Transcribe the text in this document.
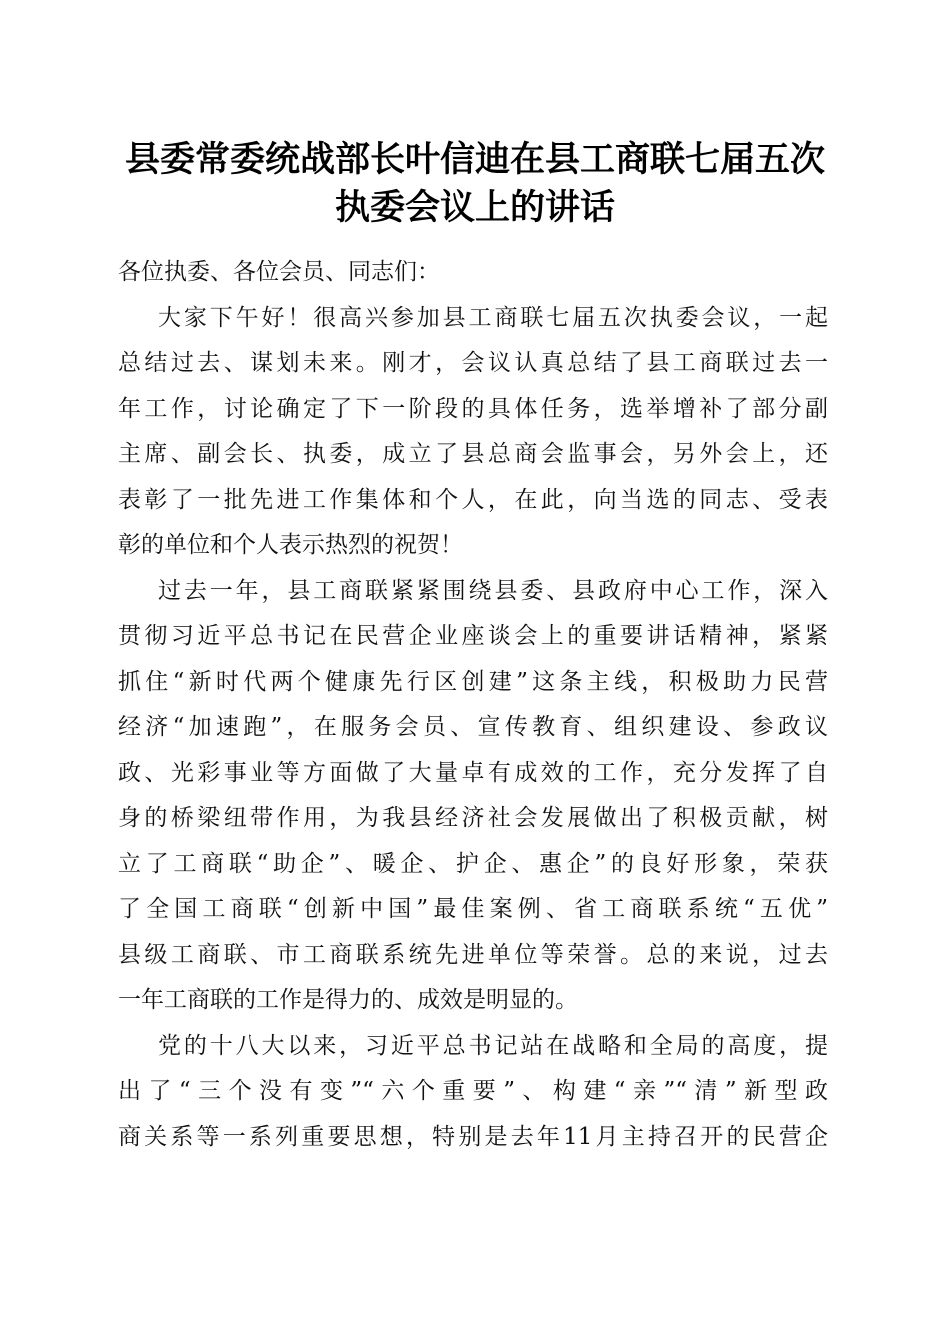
县委常委统战部长叶信迪在县工商联七届五次
执委会议上的讲话

各位执委、各位会员、同志们：

大家下午好！很高兴参加县工商联七届五次执委会议，一起
总结过去、谋划未来。刚才，会议认真总结了县工商联过去一
年工作，讨论确定了下一阶段的具体任务，选举增补了部分副
主席、副会长、执委，成立了县总商会监事会，另外会上，还
表彰了一批先进工作集体和个人，在此，向当选的同志、受表
彰的单位和个人表示热烈的祝贺！

过去一年，县工商联紧紧围绕县委、县政府中心工作，深入
贯彻习近平总书记在民营企业座谈会上的重要讲话精神，紧紧
抓住“新时代两个健康先行区创建”这条主线，积极助力民营
经济“加速跑”，在服务会员、宣传教育、组织建设、参政议
政、光彩事业等方面做了大量卓有成效的工作，充分发挥了自
身的桥梁纽带作用，为我县经济社会发展做出了积极贡献，树
立了工商联“助企”、暖企、护企、惠企”的良好形象，荣获
了全国工商联“创新中国”最佳案例、省工商联系统“五优”
县级工商联、市工商联系统先进单位等荣誉。总的来说，过去
一年工商联的工作是得力的、成效是明显的。

党的十八大以来，习近平总书记站在战略和全局的高度，提
出了“三个没有变”“六个重要”、构建“亲”“清”新型政
商关系等一系列重要思想，特别是去年11月主持召开的民营企
